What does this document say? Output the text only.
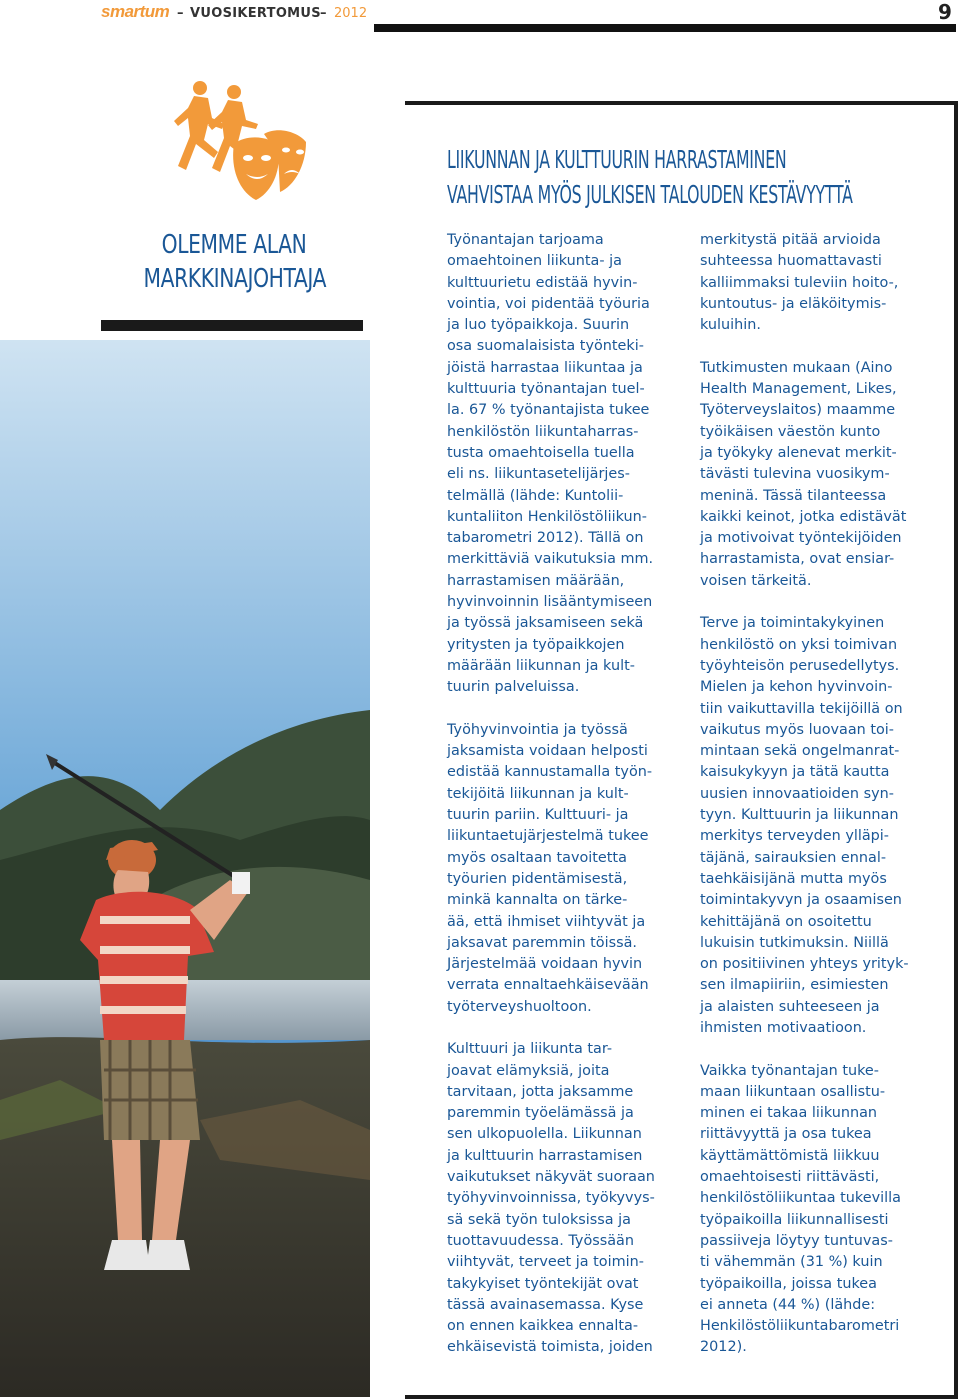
smartum – VUOSIKERTOMUS – 2012	9
OLEMME ALAN
MARKKINAJOHTAJA
LIIKUNNAN JA KULTTUURIN HARRASTAMINEN
VAHVISTAA MYÖS JULKISEN TALOUDEN KESTÄVYYTTÄ

Työnantajan tarjoama
omaehtoinen liikunta- ja
kulttuurietu edistää hyvin-
vointia, voi pidentää työuria
ja luo työpaikkoja. Suurin
osa suomalaisista työnteki-
jöistä harrastaa liikuntaa ja
kulttuuria työnantajan tuel-
la. 67 % työnantajista tukee
henkilöstön liikuntaharras-
tusta omaehtoisella tuella
eli ns. liikuntasetelijärjes-
telmällä (lähde: Kuntolii-
kuntaliiton Henkilöstöliikun-
tabarometri 2012). Tällä on
merkittäviä vaikutuksia mm.
harrastamisen määrään,
hyvinvoinnin lisääntymiseen
ja työssä jaksamiseen sekä
yritysten ja työpaikkojen
määrään liikunnan ja kult-
tuurin palveluissa.

Työhyvinvointia ja työssä
jaksamista voidaan helposti
edistää kannustamalla työn-
tekijöitä liikunnan ja kult-
tuurin pariin. Kulttuuri- ja
liikuntaetujärjestelmä tukee
myös osaltaan tavoitetta
työurien pidentämisestä,
minkä kannalta on tärke-
ää, että ihmiset viihtyvät ja
jaksavat paremmin töissä.
Järjestelmää voidaan hyvin
verrata ennaltaehkäisevään
työterveyshuoltoon.

Kulttuuri ja liikunta tar-
joavat elämyksiä, joita
tarvitaan, jotta jaksamme
paremmin työelämässä ja
sen ulkopuolella. Liikunnan
ja kulttuurin harrastamisen
vaikutukset näkyvät suoraan
työhyvinvoinnissa, työkyvys-
sä sekä työn tuloksissa ja
tuottavuudessa. Työssään
viihtyvät, terveet ja toimin-
takykyiset työntekijät ovat
tässä avainasemassa. Kyse
on ennen kaikkea ennalta-
ehkäisevistä toimista, joiden

merkitystä pitää arvioida
suhteessa huomattavasti
kalliimmaksi tuleviin hoito-,
kuntoutus- ja eläköitymis-
kuluihin.

Tutkimusten mukaan (Aino
Health Management, Likes,
Työterveyslaitos) maamme
työikäisen väestön kunto
ja työkyky alenevat merkit-
tävästi tulevina vuosikym-
meninä. Tässä tilanteessa
kaikki keinot, jotka edistävät
ja motivoivat työntekijöiden
harrastamista, ovat ensiar-
voisen tärkeitä.

Terve ja toimintakykyinen
henkilöstö on yksi toimivan
työyhteisön perusedellytys.
Mielen ja kehon hyvinvoin-
tiin vaikuttavilla tekijöillä on
vaikutus myös luovaan toi-
mintaan sekä ongelmanrat-
kaisukykyyn ja tätä kautta
uusien innovaatioiden syn-
tyyn. Kulttuurin ja liikunnan
merkitys terveyden ylläpi-
täjänä, sairauksien ennal-
taehkäisijänä mutta myös
toimintakyvyn ja osaamisen
kehittäjänä on osoitettu
lukuisin tutkimuksin. Niillä
on positiivinen yhteys yrityk-
sen ilmapiiriin, esimiesten
ja alaisten suhteeseen ja
ihmisten motivaatioon.

Vaikka työnantajan tuke-
maan liikuntaan osallistu-
minen ei takaa liikunnan
riittävyyttä ja osa tukea
käyttämättömistä liikkuu
omaehtoisesti riittävästi,
henkilöstöliikuntaa tukevilla
työpaikoilla liikunnallisesti
passiiveja löytyy tuntuvas-
ti vähemmän (31 %) kuin
työpaikoilla, joissa tukea
ei anneta (44 %) (lähde:
Henkilöstöliikuntabarometri
2012).
